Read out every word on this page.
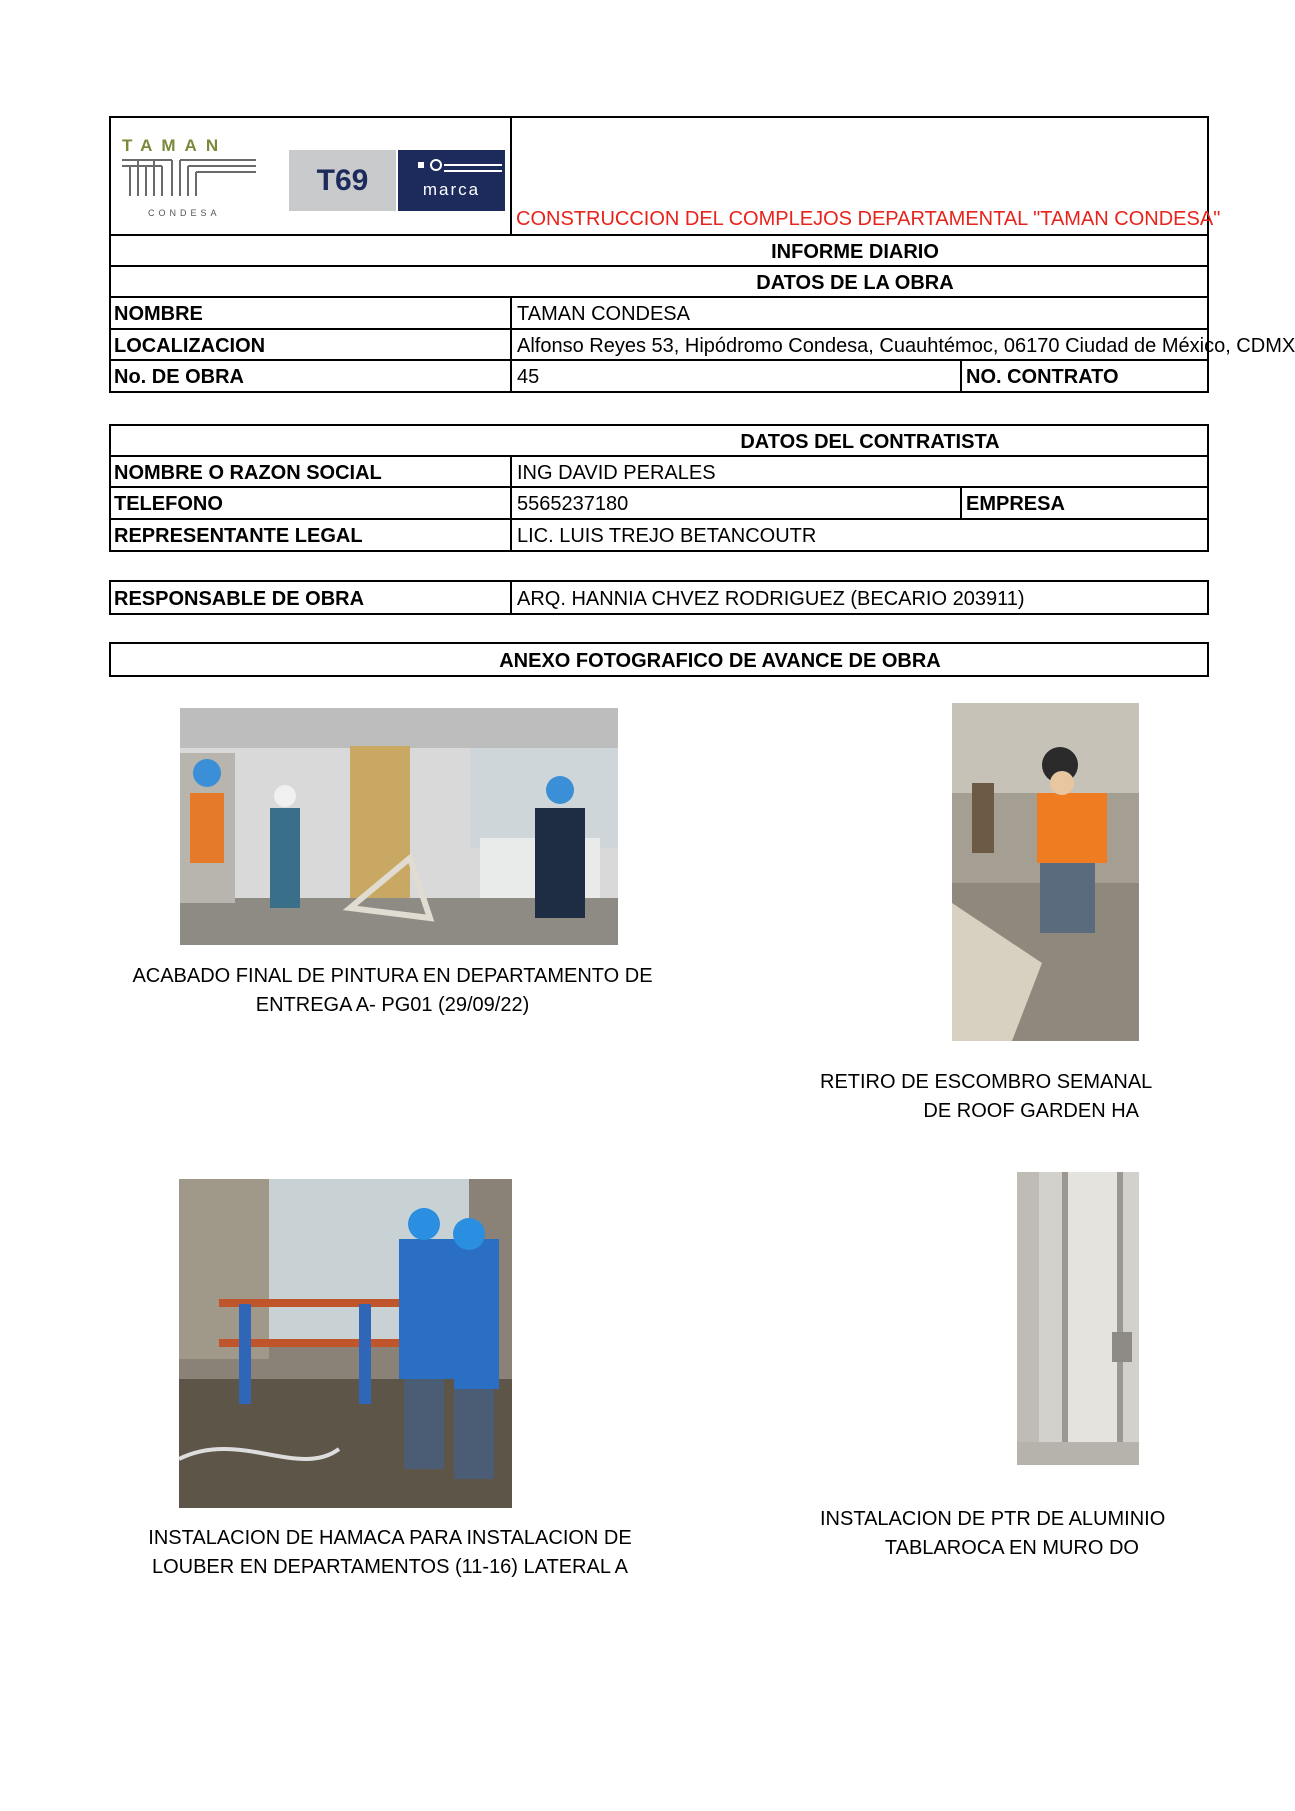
TAMAN
CONDESA
T69	marca
CONSTRUCCION DEL COMPLEJOS DEPARTAMENTAL "TAMAN CONDESA"
INFORME DIARIO
DATOS DE LA OBRA
NOMBRE	TAMAN CONDESA
LOCALIZACION	Alfonso Reyes 53, Hipódromo Condesa, Cuauhtémoc, 06170 Ciudad de México, CDMX
No. DE OBRA	45	NO. CONTRATO
DATOS DEL CONTRATISTA
NOMBRE O RAZON SOCIAL	ING DAVID PERALES
TELEFONO	5565237180	EMPRESA
REPRESENTANTE LEGAL	LIC. LUIS TREJO BETANCOUTR
RESPONSABLE DE OBRA	ARQ. HANNIA CHVEZ RODRIGUEZ (BECARIO 203911)
ANEXO FOTOGRAFICO DE AVANCE DE OBRA
ACABADO FINAL DE PINTURA EN DEPARTAMENTO DE
ENTREGA A- PG01 (29/09/22)
RETIRO DE ESCOMBRO SEMANAL
DE ROOF GARDEN HA
INSTALACION DE HAMACA PARA INSTALACION DE
LOUBER EN DEPARTAMENTOS (11-16) LATERAL A
INSTALACION DE PTR DE ALUMINIO
TABLAROCA EN MURO DO
